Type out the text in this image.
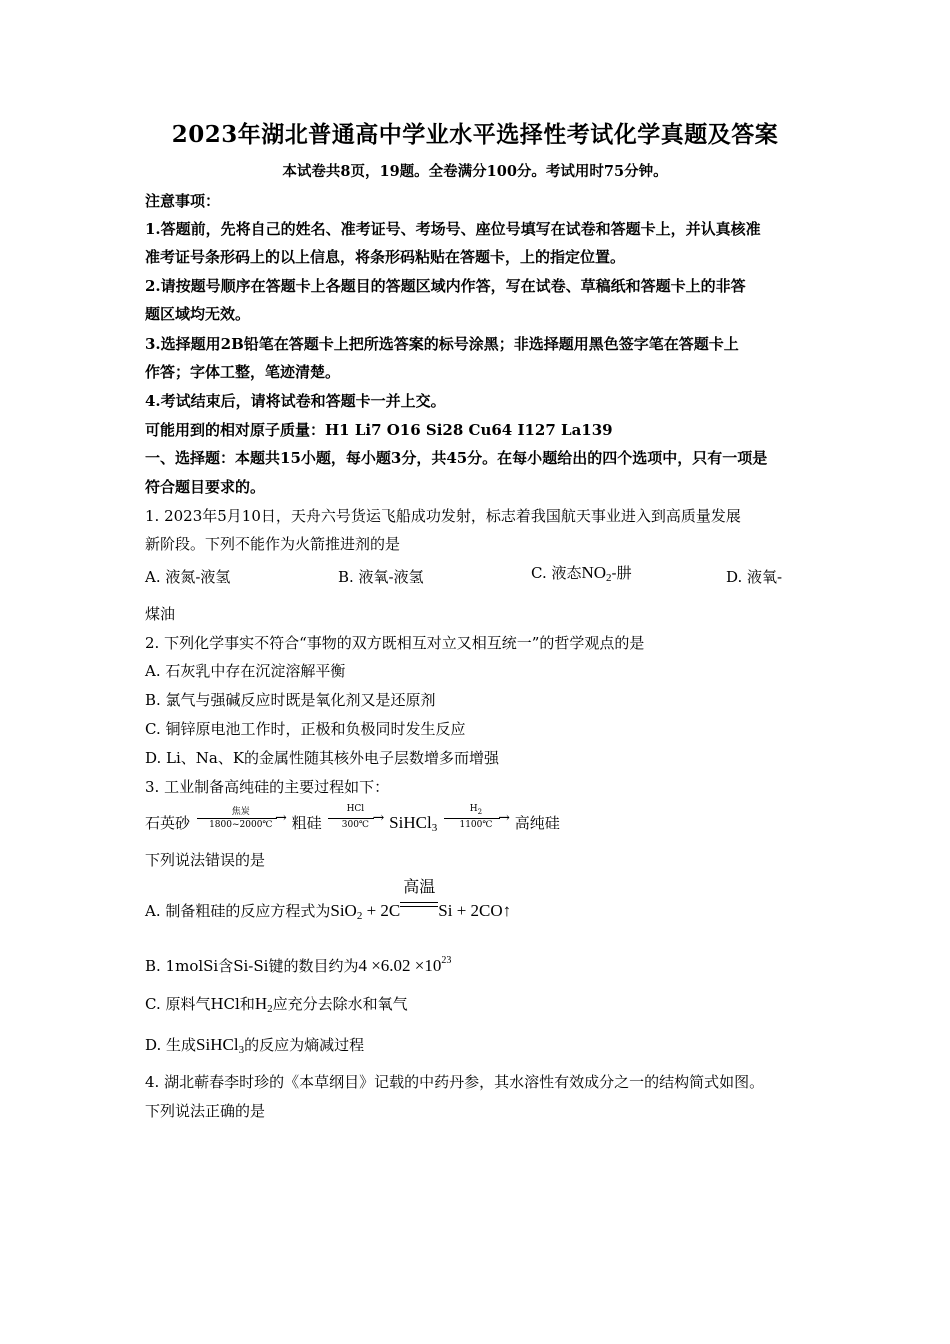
2023年湖北普通高中学业水平选择性考试化学真题及答案
本试卷共8页，19题。全卷满分100分。考试用时75分钟。
注意事项：
1.答题前，先将自己的姓名、准考证号、考场号、座位号填写在试卷和答题卡上，并认真核准
准考证号条形码上的以上信息，将条形码粘贴在答题卡，上的指定位置。
2.请按题号顺序在答题卡上各题目的答题区域内作答，写在试卷、草稿纸和答题卡上的非答
题区域均无效。
3.选择题用2B铅笔在答题卡上把所选答案的标号涂黑；非选择题用黑色签字笔在答题卡上
作答；字体工整，笔迹清楚。
4.考试结束后，请将试卷和答题卡一并上交。
可能用到的相对原子质量：H1 Li7 O16 Si28 Cu64 I127 La139
一、选择题：本题共15小题，每小题3分，共45分。在每小题给出的四个选项中，只有一项是
符合题目要求的。
1. 2023年5月10日，天舟六号货运飞船成功发射，标志着我国航天事业进入到高质量发展
新阶段。下列不能作为火箭推进剂的是
A. 液氮-液氢	B. 液氧-液氢	C. 液态$NO_2-$肼	D. 液氧-
煤油
2. 下列化学事实不符合“事物的双方既相互对立又相互统一”的哲学观点的是
A. 石灰乳中存在沉淀溶解平衡
B. 氯气与强碱反应时既是氧化剂又是还原剂
C. 铜锌原电池工作时，正极和负极同时发生反应
D. Li、Na、K的金属性随其核外电子层数增多而增强
3. 工业制备高纯硅的主要过程如下：
石英砂
焦炭	→
1800~2000℃	粗硅
HCl
→
300℃	SiHCl$_3$
$H_2$	→
1100℃	高纯硅
下列说法错误的是
A. 制备粗硅的反应方程式为SiO$_2$ + 2C
高温
Si + 2CO↑
B. 1molSi含Si-Si键的数目约为$4 \times 6.02 \times 10^{23}$
C. 原料气HCl和$H_2$应充分去除水和氧气
D. 生成SiHCl$_3$的反应为熵减过程
4. 湖北蕲春李时珍的《本草纲目》记载的中药丹参，其水溶性有效成分之一的结构简式如图。
下列说法正确的是
